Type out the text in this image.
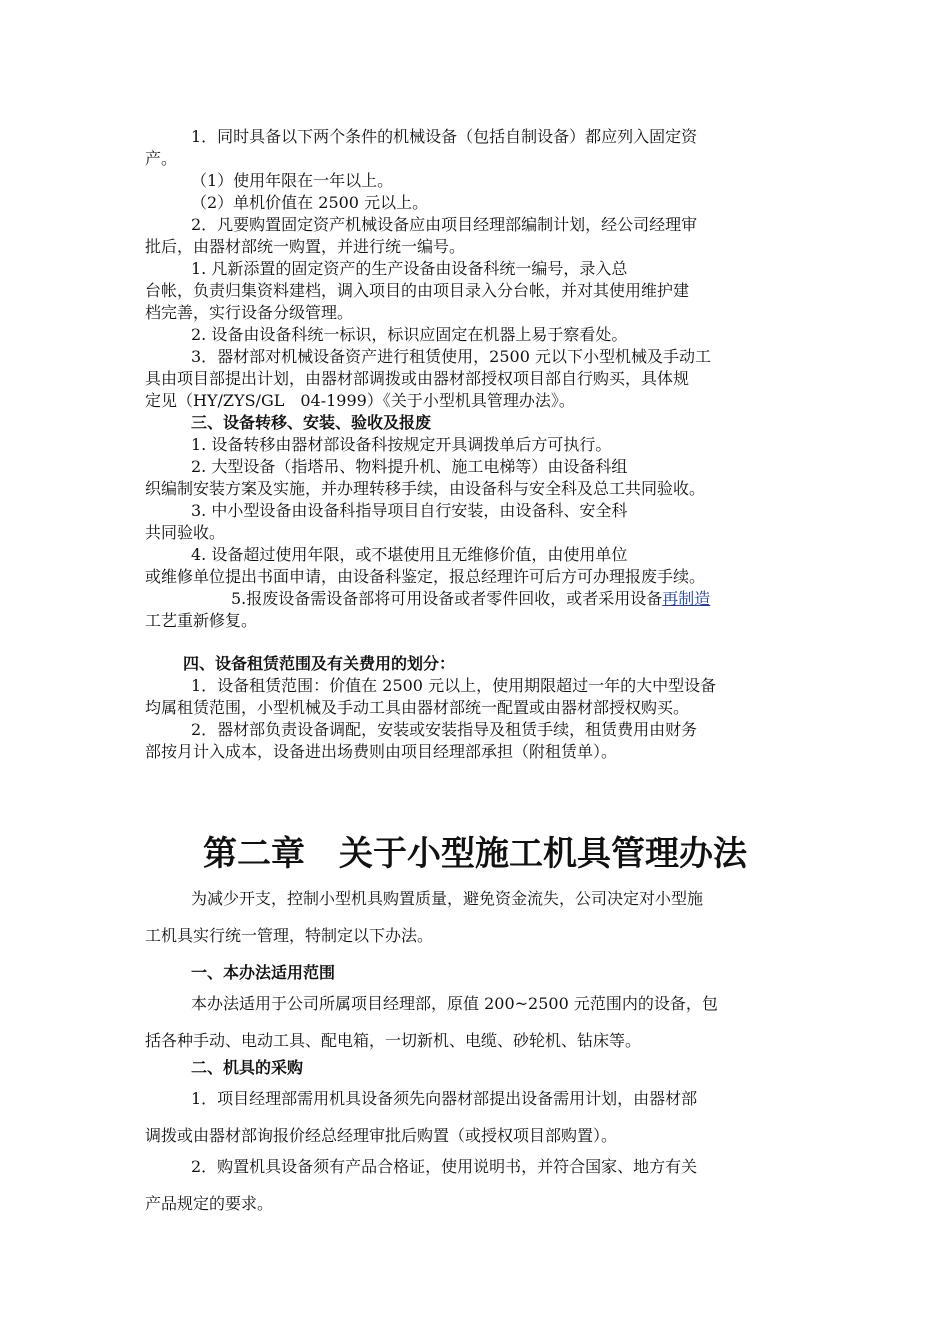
1．同时具备以下两个条件的机械设备（包括自制设备）都应列入固定资
产。
（1）使用年限在一年以上。
（2）单机价值在 2500 元以上。
2．凡要购置固定资产机械设备应由项目经理部编制计划，经公司经理审
批后，由器材部统一购置，并进行统一编号。
1. 凡新添置的固定资产的生产设备由设备科统一编号，录入总
台帐，负责归集资料建档，调入项目的由项目录入分台帐，并对其使用维护建
档完善，实行设备分级管理。
2. 设备由设备科统一标识，标识应固定在机器上易于察看处。
3．器材部对机械设备资产进行租赁使用，2500 元以下小型机械及手动工
具由项目部提出计划，由器材部调拨或由器材部授权项目部自行购买，具体规
定见（HY/ZYS/GL　04-1999）《关于小型机具管理办法》。
三、设备转移、安装、验收及报废
1. 设备转移由器材部设备科按规定开具调拨单后方可执行。
2. 大型设备（指塔吊、物料提升机、施工电梯等）由设备科组
织编制安装方案及实施，并办理转移手续，由设备科与安全科及总工共同验收。
3. 中小型设备由设备科指导项目自行安装，由设备科、安全科
共同验收。
4. 设备超过使用年限，或不堪使用且无维修价值，由使用单位
或维修单位提出书面申请，由设备科鉴定，报总经理许可后方可办理报废手续。
5.报废设备需设备部将可用设备或者零件回收，或者采用设备再制造
工艺重新修复。
四、设备租赁范围及有关费用的划分：
1．设备租赁范围：价值在 2500 元以上，使用期限超过一年的大中型设备
均属租赁范围，小型机械及手动工具由器材部统一配置或由器材部授权购买。
2．器材部负责设备调配，安装或安装指导及租赁手续，租赁费用由财务
部按月计入成本，设备进出场费则由项目经理部承担（附租赁单）。
第二章　关于小型施工机具管理办法
为减少开支，控制小型机具购置质量，避免资金流失，公司决定对小型施
工机具实行统一管理，特制定以下办法。
一、本办法适用范围
本办法适用于公司所属项目经理部，原值 200~2500 元范围内的设备，包
括各种手动、电动工具、配电箱，一切新机、电缆、砂轮机、钻床等。
二、机具的采购
1．项目经理部需用机具设备须先向器材部提出设备需用计划，由器材部
调拨或由器材部询报价经总经理审批后购置（或授权项目部购置）。
2．购置机具设备须有产品合格证，使用说明书，并符合国家、地方有关
产品规定的要求。
